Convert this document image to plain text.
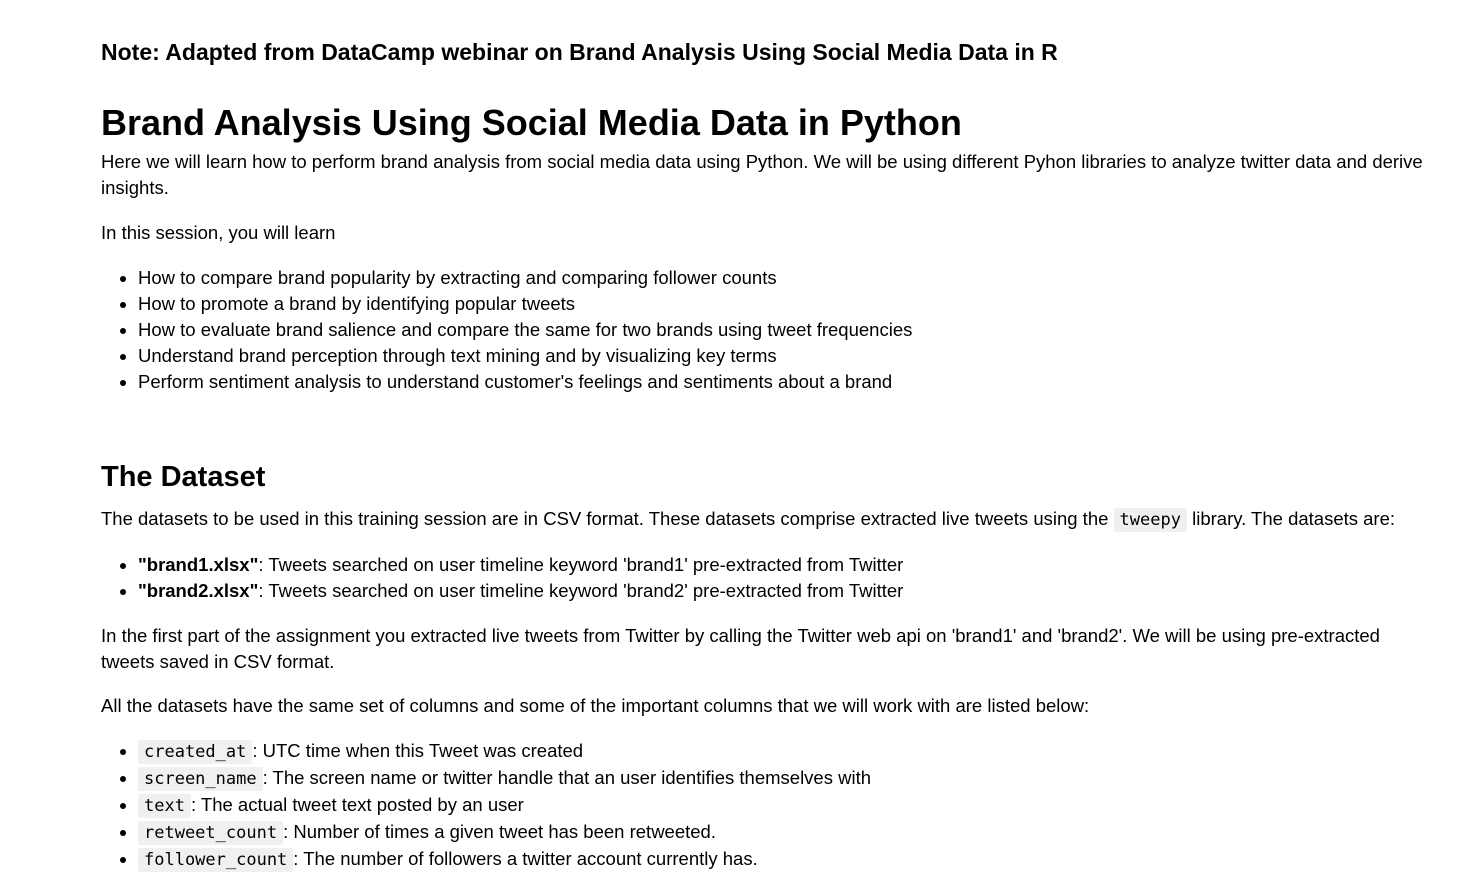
Note: Adapted from DataCamp webinar on Brand Analysis Using Social Media Data in R
Brand Analysis Using Social Media Data in Python

Here we will learn how to perform brand analysis from social media data using Python. We will be using different Pyhon libraries to analyze twitter data and derive insights.

In this session, you will learn

• How to compare brand popularity by extracting and comparing follower counts
• How to promote a brand by identifying popular tweets
• How to evaluate brand salience and compare the same for two brands using tweet frequencies
• Understand brand perception through text mining and by visualizing key terms
• Perform sentiment analysis to understand customer's feelings and sentiments about a brand
The Dataset

The datasets to be used in this training session are in CSV format. These datasets comprise extracted live tweets using the tweepy library. The datasets are:

• "brand1.xlsx": Tweets searched on user timeline keyword 'brand1' pre-extracted from Twitter
• "brand2.xlsx": Tweets searched on user timeline keyword 'brand2' pre-extracted from Twitter

In the first part of the assignment you extracted live tweets from Twitter by calling the Twitter web api on 'brand1' and 'brand2'. We will be using pre-extracted tweets saved in CSV format.

All the datasets have the same set of columns and some of the important columns that we will work with are listed below:

• created_at : UTC time when this Tweet was created
• screen_name : The screen name or twitter handle that an user identifies themselves with
• text : The actual tweet text posted by an user
• retweet_count : Number of times a given tweet has been retweeted.
• follower_count : The number of followers a twitter account currently has.
